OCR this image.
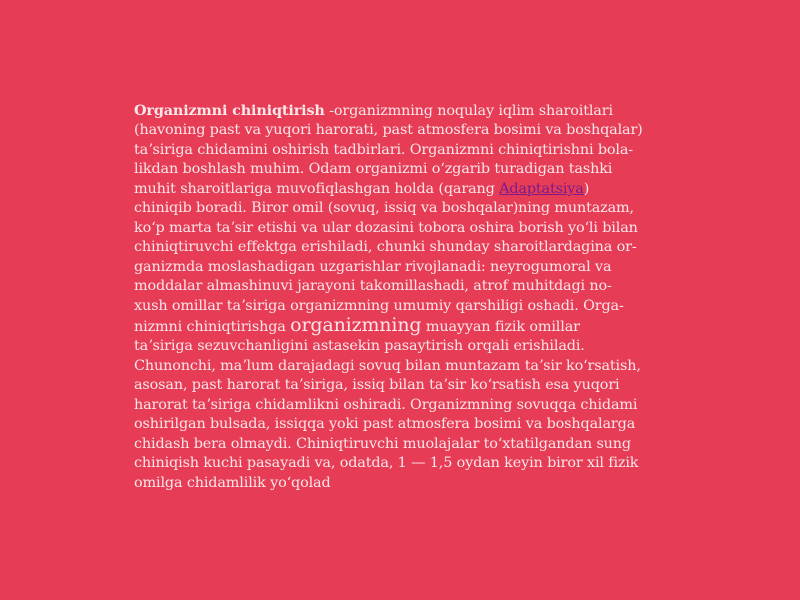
Organizmni chiniqtirish -organizmning noqulay iqlim sharoitlari
(havoning past va yuqori harorati, past atmosfera bosimi va boshqalar)
taʼsiriga chidamini oshirish tadbirlari. Organizmni chiniqtirishni bola-
likdan boshlash muhim. Odam organizmi oʻzgarib turadigan tashki
muhit sharoitlariga muvofiqlashgan holda (qarang Adaptatsiya)
chiniqib boradi. Biror omil (sovuq, issiq va boshqalar)ning muntazam,
koʻp marta taʼsir etishi va ular dozasini tobora oshira borish yoʻli bilan
chiniqtiruvchi effektga erishiladi, chunki shunday sharoitlardagina or-
ganizmda moslashadigan uzgarishlar rivojlanadi: neyrogumoral va
moddalar almashinuvi jarayoni takomillashadi, atrof muhitdagi no-
xush omillar taʼsiriga organizmning umumiy qarshiligi oshadi. Orga-
nizmni chiniqtirishga organizmning muayyan fizik omillar
taʼsiriga sezuvchanligini astasekin pasaytirish orqali erishiladi.
Chunonchi, maʼlum darajadagi sovuq bilan muntazam taʼsir koʻrsatish,
asosan, past harorat taʼsiriga, issiq bilan taʼsir koʻrsatish esa yuqori
harorat taʼsiriga chidamlikni oshiradi. Organizmning sovuqqa chidami
oshirilgan bulsada, issiqqa yoki past atmosfera bosimi va boshqalarga
chidash bera olmaydi. Chiniqtiruvchi muolajalar toʻxtatilgandan sung
chiniqish kuchi pasayadi va, odatda, 1 — 1,5 oydan keyin biror xil fizik
omilga chidamlilik yoʻqolad
